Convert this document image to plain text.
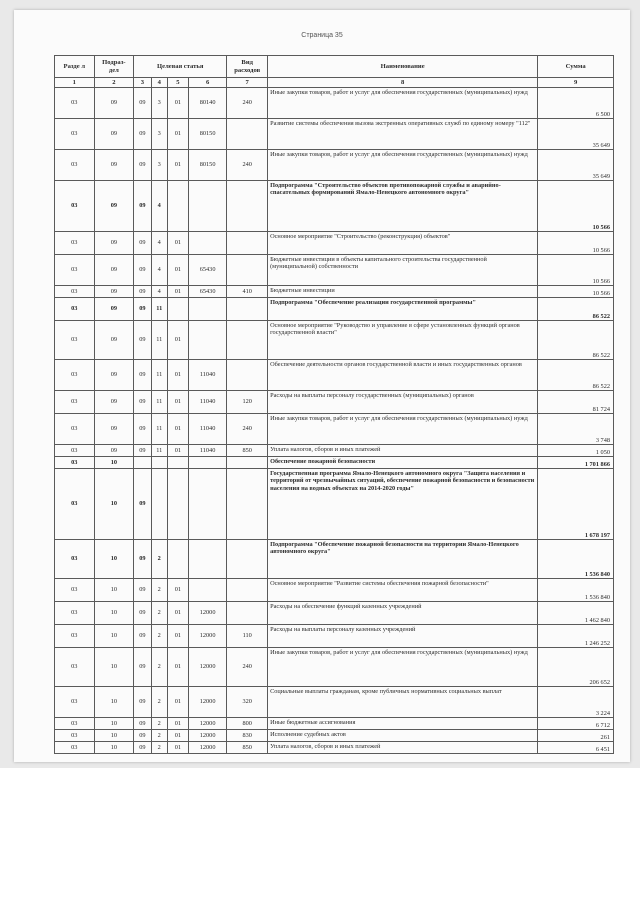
Страница 35
Разде л	Подраз- дел	Целевая статья				Вид расходов	Наименование	Сумма
1	2	3	4	5	6	7	8	9
03	09	09	3	01	80140	240	Иные закупки товаров, работ и услуг для обеспечения государственных (муниципальных) нужд	6 500
03	09	09	3	01	80150		Развитие системы обеспечения вызова экстренных оперативных служб по единому номеру "112"	35 649
03	09	09	3	01	80150	240	Иные закупки товаров, работ и услуг для обеспечения государственных (муниципальных) нужд	35 649
03	09	09	4				Подпрограмма "Строительство объектов противопожарной службы и аварийно-спасательных формирований Ямало-Ненецкого автономного округа"	10 566
03	09	09	4	01			Основное мероприятие "Строительство (реконструкция) объектов"	10 566
03	09	09	4	01	65430		Бюджетные инвестиции в объекты капитального строительства государственной (муниципальной) собственности	10 566
03	09	09	4	01	65430	410	Бюджетные инвестиции	10 566
03	09	09	11				Подпрограмма "Обеспечение реализации государственной программы"	86 522
03	09	09	11	01			Основное мероприятие "Руководство и управление в сфере установленных функций органов государственной власти"	86 522
03	09	09	11	01	11040		Обеспечение деятельности органов государственной власти и иных государственных органов	86 522
03	09	09	11	01	11040	120	Расходы на выплаты персоналу государственных (муниципальных) органов	81 724
03	09	09	11	01	11040	240	Иные закупки товаров, работ и услуг для обеспечения государственных (муниципальных) нужд	3 748
03	09	09	11	01	11040	850	Уплата налогов, сборов и иных платежей	1 050
03	10						Обеспечение пожарной безопасности	1 701 866
03	10	09					Государственная программа Ямало-Ненецкого автономного округа "Защита населения и территорий от чрезвычайных ситуаций, обеспечение пожарной безопасности и безопасности населения на водных объектах на 2014-2020 годы"	1 678 197
03	10	09	2				Подпрограмма "Обеспечение пожарной безопасности на территории Ямало-Ненецкого автономного округа"	1 536 840
03	10	09	2	01			Основное мероприятие "Развитие системы обеспечения пожарной безопасности"	1 536 840
03	10	09	2	01	12000		Расходы на обеспечение функций казенных учреждений	1 462 840
03	10	09	2	01	12000	110	Расходы на выплаты персоналу казенных учреждений	1 246 252
03	10	09	2	01	12000	240	Иные закупки товаров, работ и услуг для обеспечения государственных (муниципальных) нужд	206 652
03	10	09	2	01	12000	320	Социальные выплаты гражданам, кроме публичных нормативных социальных выплат	3 224
03	10	09	2	01	12000	800	Иные бюджетные ассигнования	6 712
03	10	09	2	01	12000	830	Исполнение судебных актов	261
03	10	09	2	01	12000	850	Уплата налогов, сборов и иных платежей	6 451
